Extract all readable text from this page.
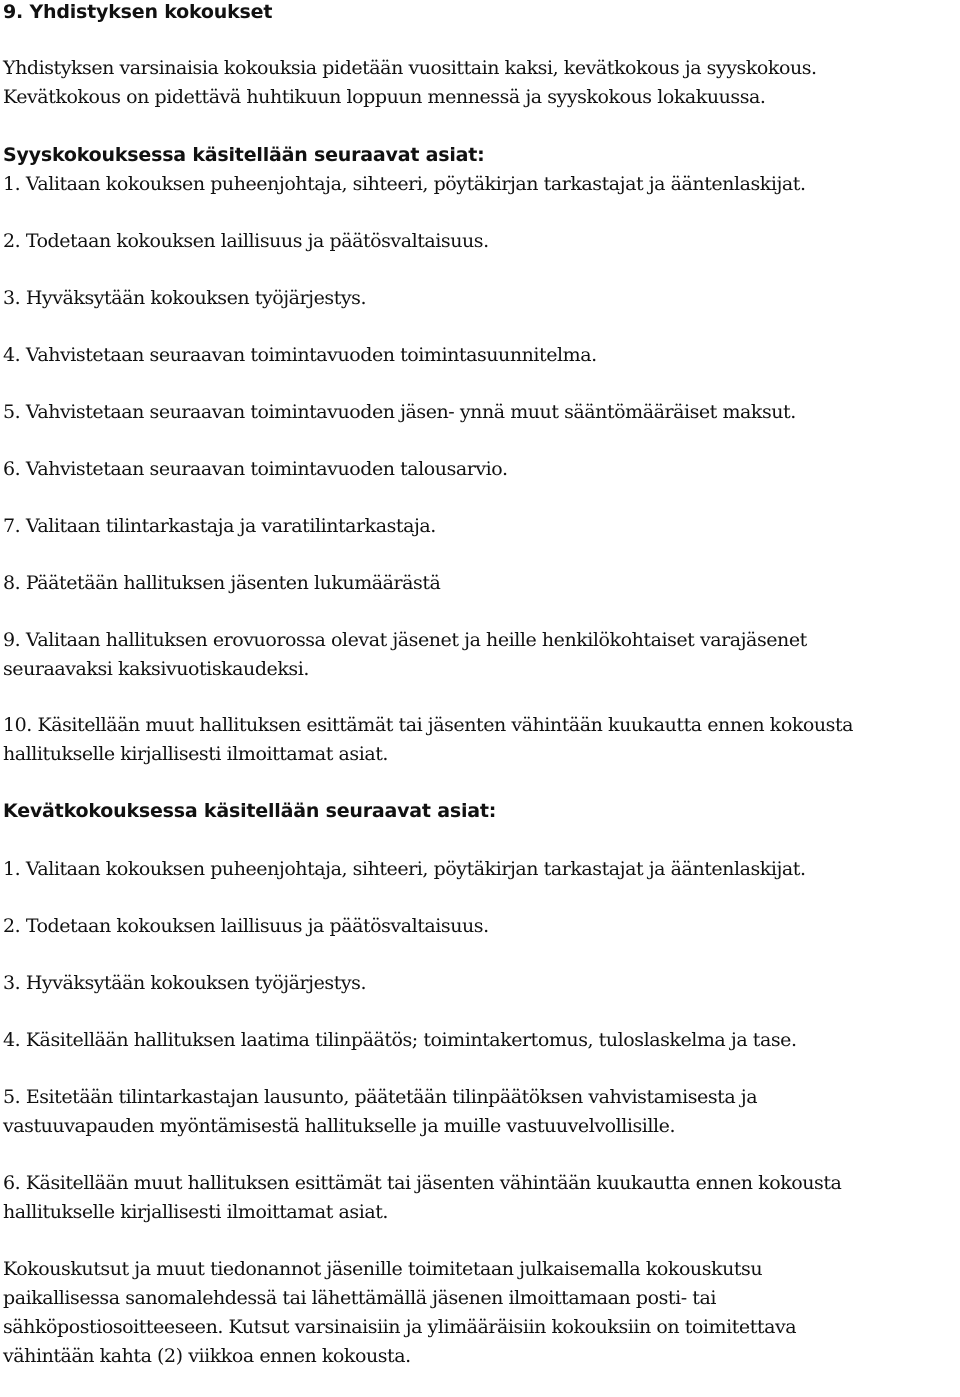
9. Yhdistyksen kokoukset
Yhdistyksen varsinaisia kokouksia pidetään vuosittain kaksi, kevätkokous ja syyskokous.
Kevätkokous on pidettävä huhtikuun loppuun mennessä ja syyskokous lokakuussa.
Syyskokouksessa käsitellään seuraavat asiat:
1. Valitaan kokouksen puheenjohtaja, sihteeri, pöytäkirjan tarkastajat ja ääntenlaskijat.
2. Todetaan kokouksen laillisuus ja päätösvaltaisuus.
3. Hyväksytään kokouksen työjärjestys.
4. Vahvistetaan seuraavan toimintavuoden toimintasuunnitelma.
5. Vahvistetaan seuraavan toimintavuoden jäsen- ynnä muut sääntömääräiset maksut.
6. Vahvistetaan seuraavan toimintavuoden talousarvio.
7. Valitaan tilintarkastaja ja varatilintarkastaja.
8. Päätetään hallituksen jäsenten lukumäärästä
9. Valitaan hallituksen erovuorossa olevat jäsenet ja heille henkilökohtaiset varajäsenet
seuraavaksi kaksivuotiskaudeksi.
10. Käsitellään muut hallituksen esittämät tai jäsenten vähintään kuukautta ennen kokousta
hallitukselle kirjallisesti ilmoittamat asiat.
Kevätkokouksessa käsitellään seuraavat asiat:
1. Valitaan kokouksen puheenjohtaja, sihteeri, pöytäkirjan tarkastajat ja ääntenlaskijat.
2. Todetaan kokouksen laillisuus ja päätösvaltaisuus.
3. Hyväksytään kokouksen työjärjestys.
4. Käsitellään hallituksen laatima tilinpäätös; toimintakertomus, tuloslaskelma ja tase.
5. Esitetään tilintarkastajan lausunto, päätetään tilinpäätöksen vahvistamisesta ja
vastuuvapauden myöntämisestä hallitukselle ja muille vastuuvelvollisille.
6. Käsitellään muut hallituksen esittämät tai jäsenten vähintään kuukautta ennen kokousta
hallitukselle kirjallisesti ilmoittamat asiat.
Kokouskutsut ja muut tiedonannot jäsenille toimitetaan julkaisemalla kokouskutsu
paikallisessa sanomalehdessä tai lähettämällä jäsenen ilmoittamaan posti- tai
sähköpostiosoitteeseen. Kutsut varsinaisiin ja ylimääräisiin kokouksiin on toimitettava
vähintään kahta (2) viikkoa ennen kokousta.
